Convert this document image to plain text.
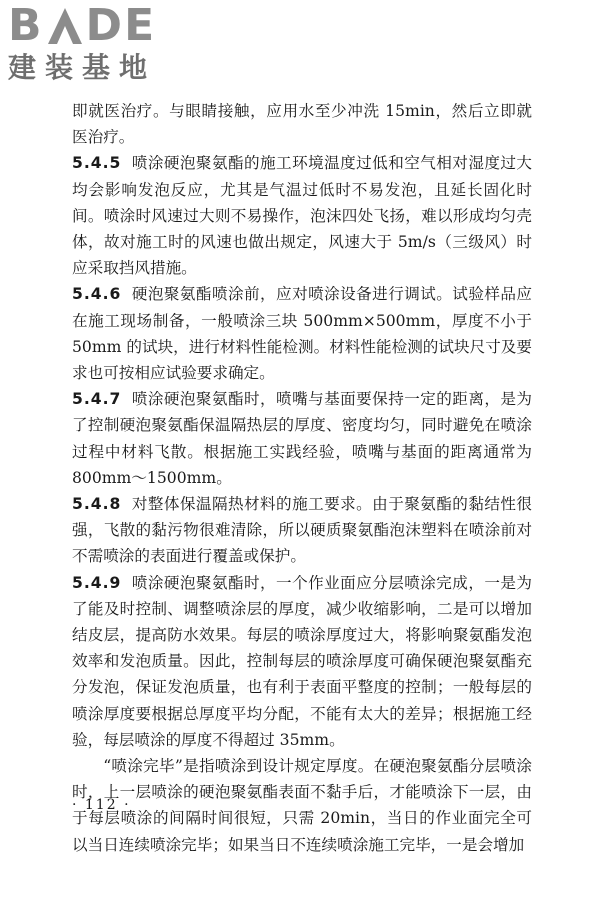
B DE
建装基地

即就医治疗。与眼睛接触，应用水至少冲洗 15min，然后立即就医治疗。

5.4.5 喷涂硬泡聚氨酯的施工环境温度过低和空气相对湿度过大均会影响发泡反应，尤其是气温过低时不易发泡，且延长固化时间。喷涂时风速过大则不易操作，泡沫四处飞扬，难以形成均匀壳体，故对施工时的风速也做出规定，风速大于 5m/s（三级风）时应采取挡风措施。

5.4.6 硬泡聚氨酯喷涂前，应对喷涂设备进行调试。试验样品应在施工现场制备，一般喷涂三块 500mm×500mm，厚度不小于50mm 的试块，进行材料性能检测。材料性能检测的试块尺寸及要求也可按相应试验要求确定。

5.4.7 喷涂硬泡聚氨酯时，喷嘴与基面要保持一定的距离，是为了控制硬泡聚氨酯保温隔热层的厚度、密度均匀，同时避免在喷涂过程中材料飞散。根据施工实践经验，喷嘴与基面的距离通常为800mm～1500mm。

5.4.8 对整体保温隔热材料的施工要求。由于聚氨酯的黏结性很强，飞散的黏污物很难清除，所以硬质聚氨酯泡沫塑料在喷涂前对不需喷涂的表面进行覆盖或保护。

5.4.9 喷涂硬泡聚氨酯时，一个作业面应分层喷涂完成，一是为了能及时控制、调整喷涂层的厚度，减少收缩影响，二是可以增加结皮层，提高防水效果。每层的喷涂厚度过大，将影响聚氨酯发泡效率和发泡质量。因此，控制每层的喷涂厚度可确保硬泡聚氨酯充分发泡，保证发泡质量，也有利于表面平整度的控制；一般每层的喷涂厚度要根据总厚度平均分配，不能有太大的差异；根据施工经验，每层喷涂的厚度不得超过 35mm。

“喷涂完毕”是指喷涂到设计规定厚度。在硬泡聚氨酯分层喷涂时，上一层喷涂的硬泡聚氨酯表面不黏手后，才能喷涂下一层，由于每层喷涂的间隔时间很短，只需 20min，当日的作业面完全可以当日连续喷涂完毕；如果当日不连续喷涂施工完毕，一是会增加

· 112 ·
